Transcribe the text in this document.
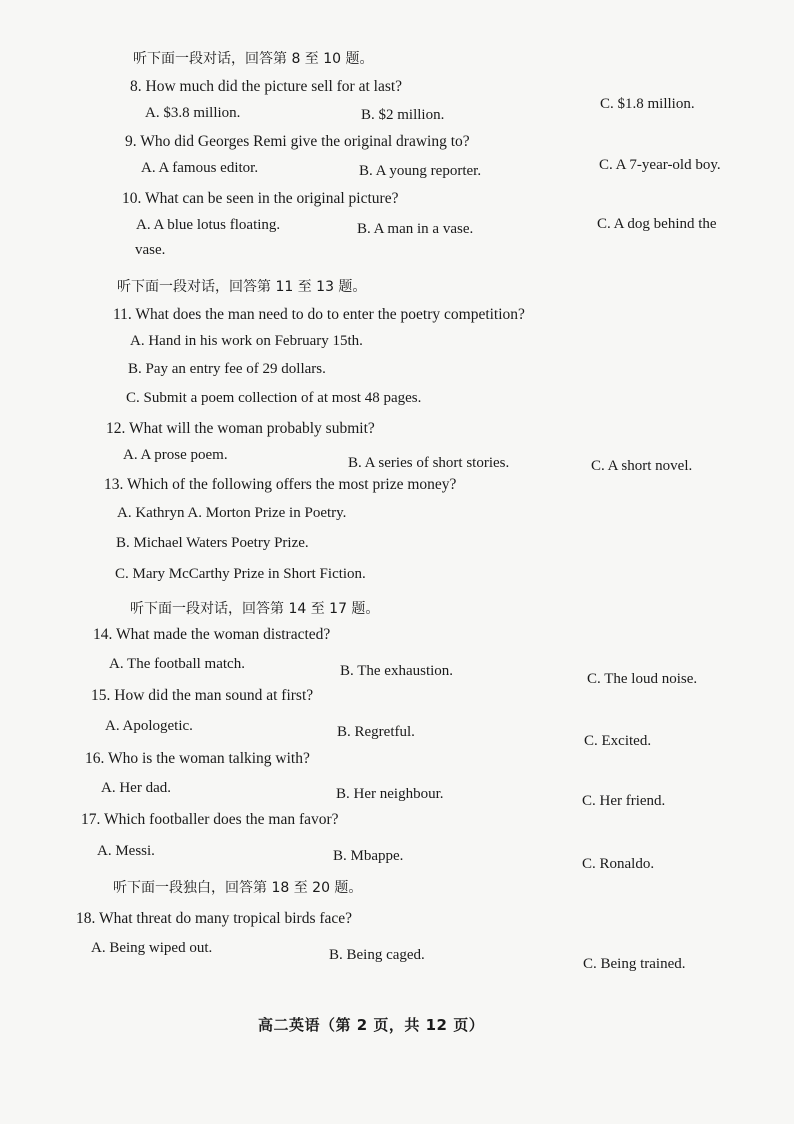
听下面一段对话，回答第 8 至 10 题。
8. How much did the picture sell for at last?
A. $3.8 million.	B. $2 million.
C. $1.8 million.
9. Who did Georges Remi give the original drawing to?
A. A famous editor.	B. A young reporter.	C. A 7-year-old boy.
10. What can be seen in the original picture?
A. A blue lotus floating.	B. A man in a vase.	C. A dog behind the
vase.
听下面一段对话，回答第 11 至 13 题。
11. What does the man need to do to enter the poetry competition?
A. Hand in his work on February 15th.
B. Pay an entry fee of 29 dollars.
C. Submit a poem collection of at most 48 pages.
12. What will the woman probably submit?
A. A prose poem.	B. A series of short stories.	C. A short novel.
13. Which of the following offers the most prize money?
A. Kathryn A. Morton Prize in Poetry.
B. Michael Waters Poetry Prize.
C. Mary McCarthy Prize in Short Fiction.
听下面一段对话，回答第 14 至 17 题。
14. What made the woman distracted?
A. The football match.	B. The exhaustion.	C. The loud noise.
15. How did the man sound at first?
A. Apologetic.	B. Regretful.
C. Excited.
16. Who is the woman talking with?
A. Her dad.	B. Her neighbour.	C. Her friend.
17. Which footballer does the man favor?
A. Messi.	B. Mbappe.	C. Ronaldo.
听下面一段独白，回答第 18 至 20 题。
18. What threat do many tropical birds face?
A. Being wiped out.	B. Being caged.
C. Being trained.
高二英语（第 2 页，共 12 页）
